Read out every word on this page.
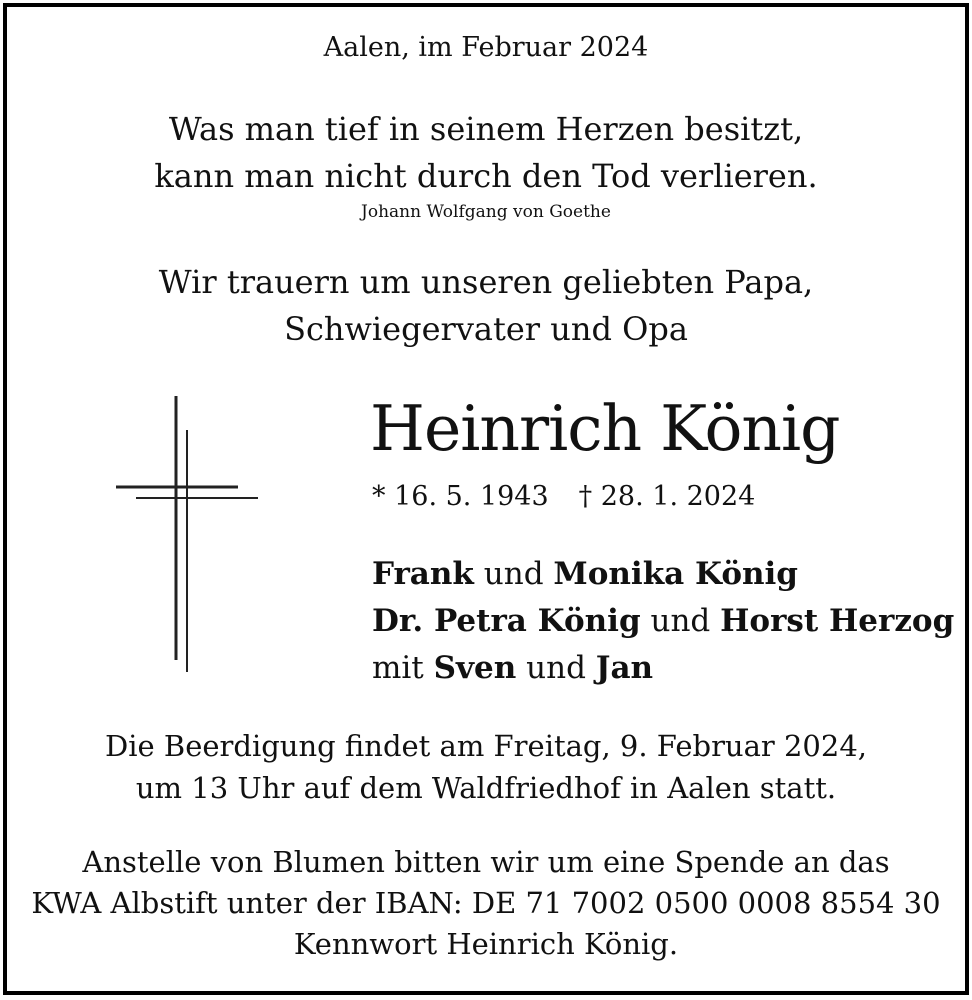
Aalen, im Februar 2024
Was man tief in seinem Herzen besitzt,
kann man nicht durch den Tod verlieren.
Johann Wolfgang von Goethe
Wir trauern um unseren geliebten Papa,
Schwiegervater und Opa
Heinrich König
* 16. 5. 1943 † 28. 1. 2024
Frank und Monika König
Dr. Petra König und Horst Herzog
mit Sven und Jan
Die Beerdigung findet am Freitag, 9. Februar 2024,
um 13 Uhr auf dem Waldfriedhof in Aalen statt.
Anstelle von Blumen bitten wir um eine Spende an das
KWA Albstift unter der IBAN: DE 71 7002 0500 0008 8554 30
Kennwort Heinrich König.
